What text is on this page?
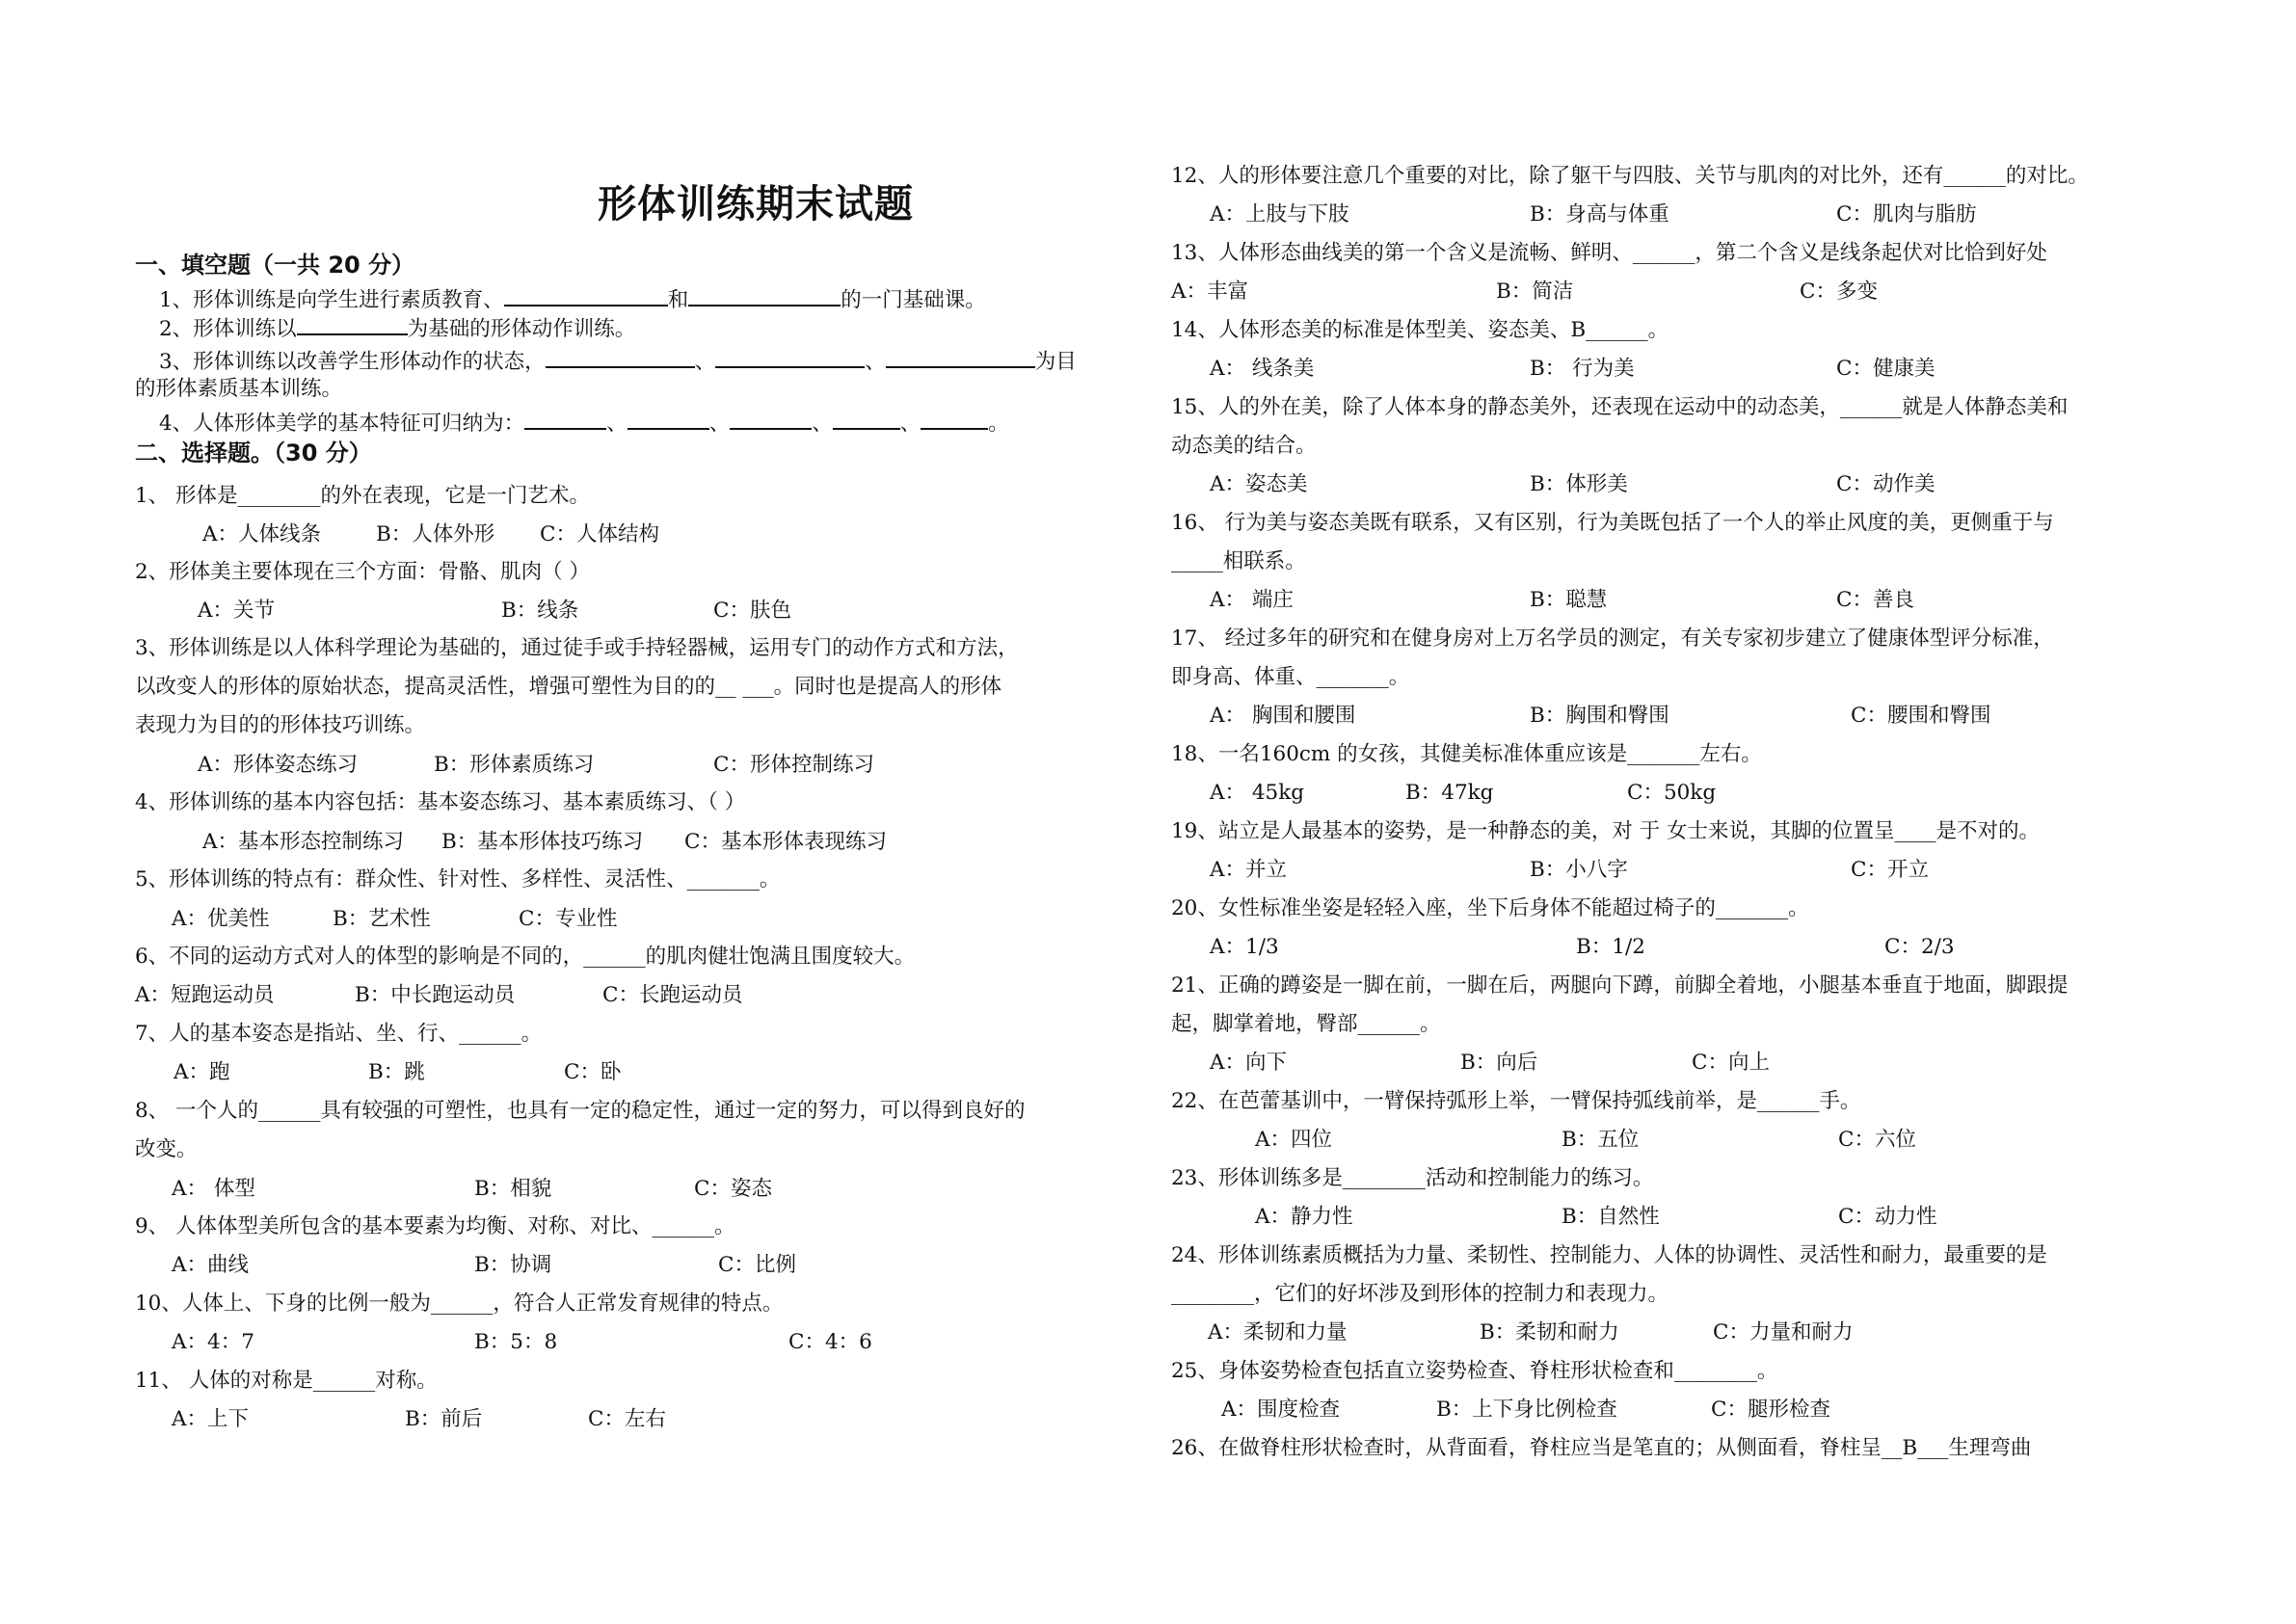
形体训练期末试题
一、填空题（一共 20 分）
1、形体训练是向学生进行素质教育、	和	的一门基础课。
2、形体训练以	为基础的形体动作训练。
3、形体训练以改善学生形体动作的状态，	、	、	为目
的形体素质基本训练。
4、人体形体美学的基本特征可归纳为：	、	、	、	、	。
二、选择题。（30 分）
1、 形体是________的外在表现，它是一门艺术。
A：人体线条	B：人体外形 C：人体结构
2、形体美主要体现在三个方面：骨骼、肌肉（ ）
A：关节	B：线条	C：肤色
3、形体训练是以人体科学理论为基础的，通过徒手或手持轻器械，运用专门的动作方式和方法，
以改变人的形体的原始状态，提高灵活性，增强可塑性为目的的__ ___。同时也是提高人的形体
表现力为目的的形体技巧训练。
A：形体姿态练习	B：形体素质练习	C：形体控制练习
4、形体训练的基本内容包括：基本姿态练习、基本素质练习、（ ）
A：基本形态控制练习 B：基本形体技巧练习 C：基本形体表现练习
5、形体训练的特点有：群众性、针对性、多样性、灵活性、_______。
A：优美性	B：艺术性	C：专业性
6、不同的运动方式对人的体型的影响是不同的，______的肌肉健壮饱满且围度较大。
A：短跑运动员	B：中长跑运动员	C：长跑运动员
7、人的基本姿态是指站、坐、行、______。
A：跑	B：跳	C：卧
8、 一个人的______具有较强的可塑性，也具有一定的稳定性，通过一定的努力，可以得到良好的
改变。
A： 体型	B：相貌	C：姿态
9、 人体体型美所包含的基本要素为均衡、对称、对比、______。
A：曲线	B：协调	C：比例
10、人体上、下身的比例一般为______，符合人正常发育规律的特点。
A：4：7	B：5：8	C：4：6
11、 人体的对称是______对称。
A：上下	B：前后	C：左右
12、人的形体要注意几个重要的对比，除了躯干与四肢、关节与肌肉的对比外，还有______的对比。
A：上肢与下肢	B：身高与体重	C：肌肉与脂肪
13、人体形态曲线美的第一个含义是流畅、鲜明、______，第二个含义是线条起伏对比恰到好处
A：丰富	B：简洁	C：多变
14、人体形态美的标准是体型美、姿态美、B______。
A： 线条美	B： 行为美	C：健康美
15、人的外在美，除了人体本身的静态美外，还表现在运动中的动态美，______就是人体静态美和
动态美的结合。
A：姿态美	B：体形美	C：动作美
16、 行为美与姿态美既有联系，又有区别，行为美既包括了一个人的举止风度的美，更侧重于与
_____相联系。
A： 端庄	B：聪慧	C：善良
17、 经过多年的研究和在健身房对上万名学员的测定，有关专家初步建立了健康体型评分标准，
即身高、体重、_______。
A： 胸围和腰围	B：胸围和臀围	C：腰围和臀围
18、一名160cm 的女孩，其健美标准体重应该是_______左右。
A： 45kg	B：47kg	C：50kg
19、站立是人最基本的姿势，是一种静态的美，对 于 女士来说，其脚的位置呈____是不对的。
A：并立	B：小八字	C：开立
20、女性标准坐姿是轻轻入座，坐下后身体不能超过椅子的_______。
A：1/3	B：1/2	C：2/3
21、正确的蹲姿是一脚在前，一脚在后，两腿向下蹲，前脚全着地，小腿基本垂直于地面，脚跟提
起，脚掌着地，臀部______。
A：向下	B：向后	C：向上
22、在芭蕾基训中，一臂保持弧形上举，一臂保持弧线前举，是______手。
A：四位	B：五位	C：六位
23、形体训练多是________活动和控制能力的练习。
A：静力性	B：自然性	C：动力性
24、形体训练素质概括为力量、柔韧性、控制能力、人体的协调性、灵活性和耐力，最重要的是
________，它们的好坏涉及到形体的控制力和表现力。
A：柔韧和力量	B：柔韧和耐力	C：力量和耐力
25、身体姿势检查包括直立姿势检查、脊柱形状检查和________。
A：围度检查	B：上下身比例检查	C：腿形检查
26、在做脊柱形状检查时，从背面看，脊柱应当是笔直的；从侧面看，脊柱呈__B___生理弯曲
